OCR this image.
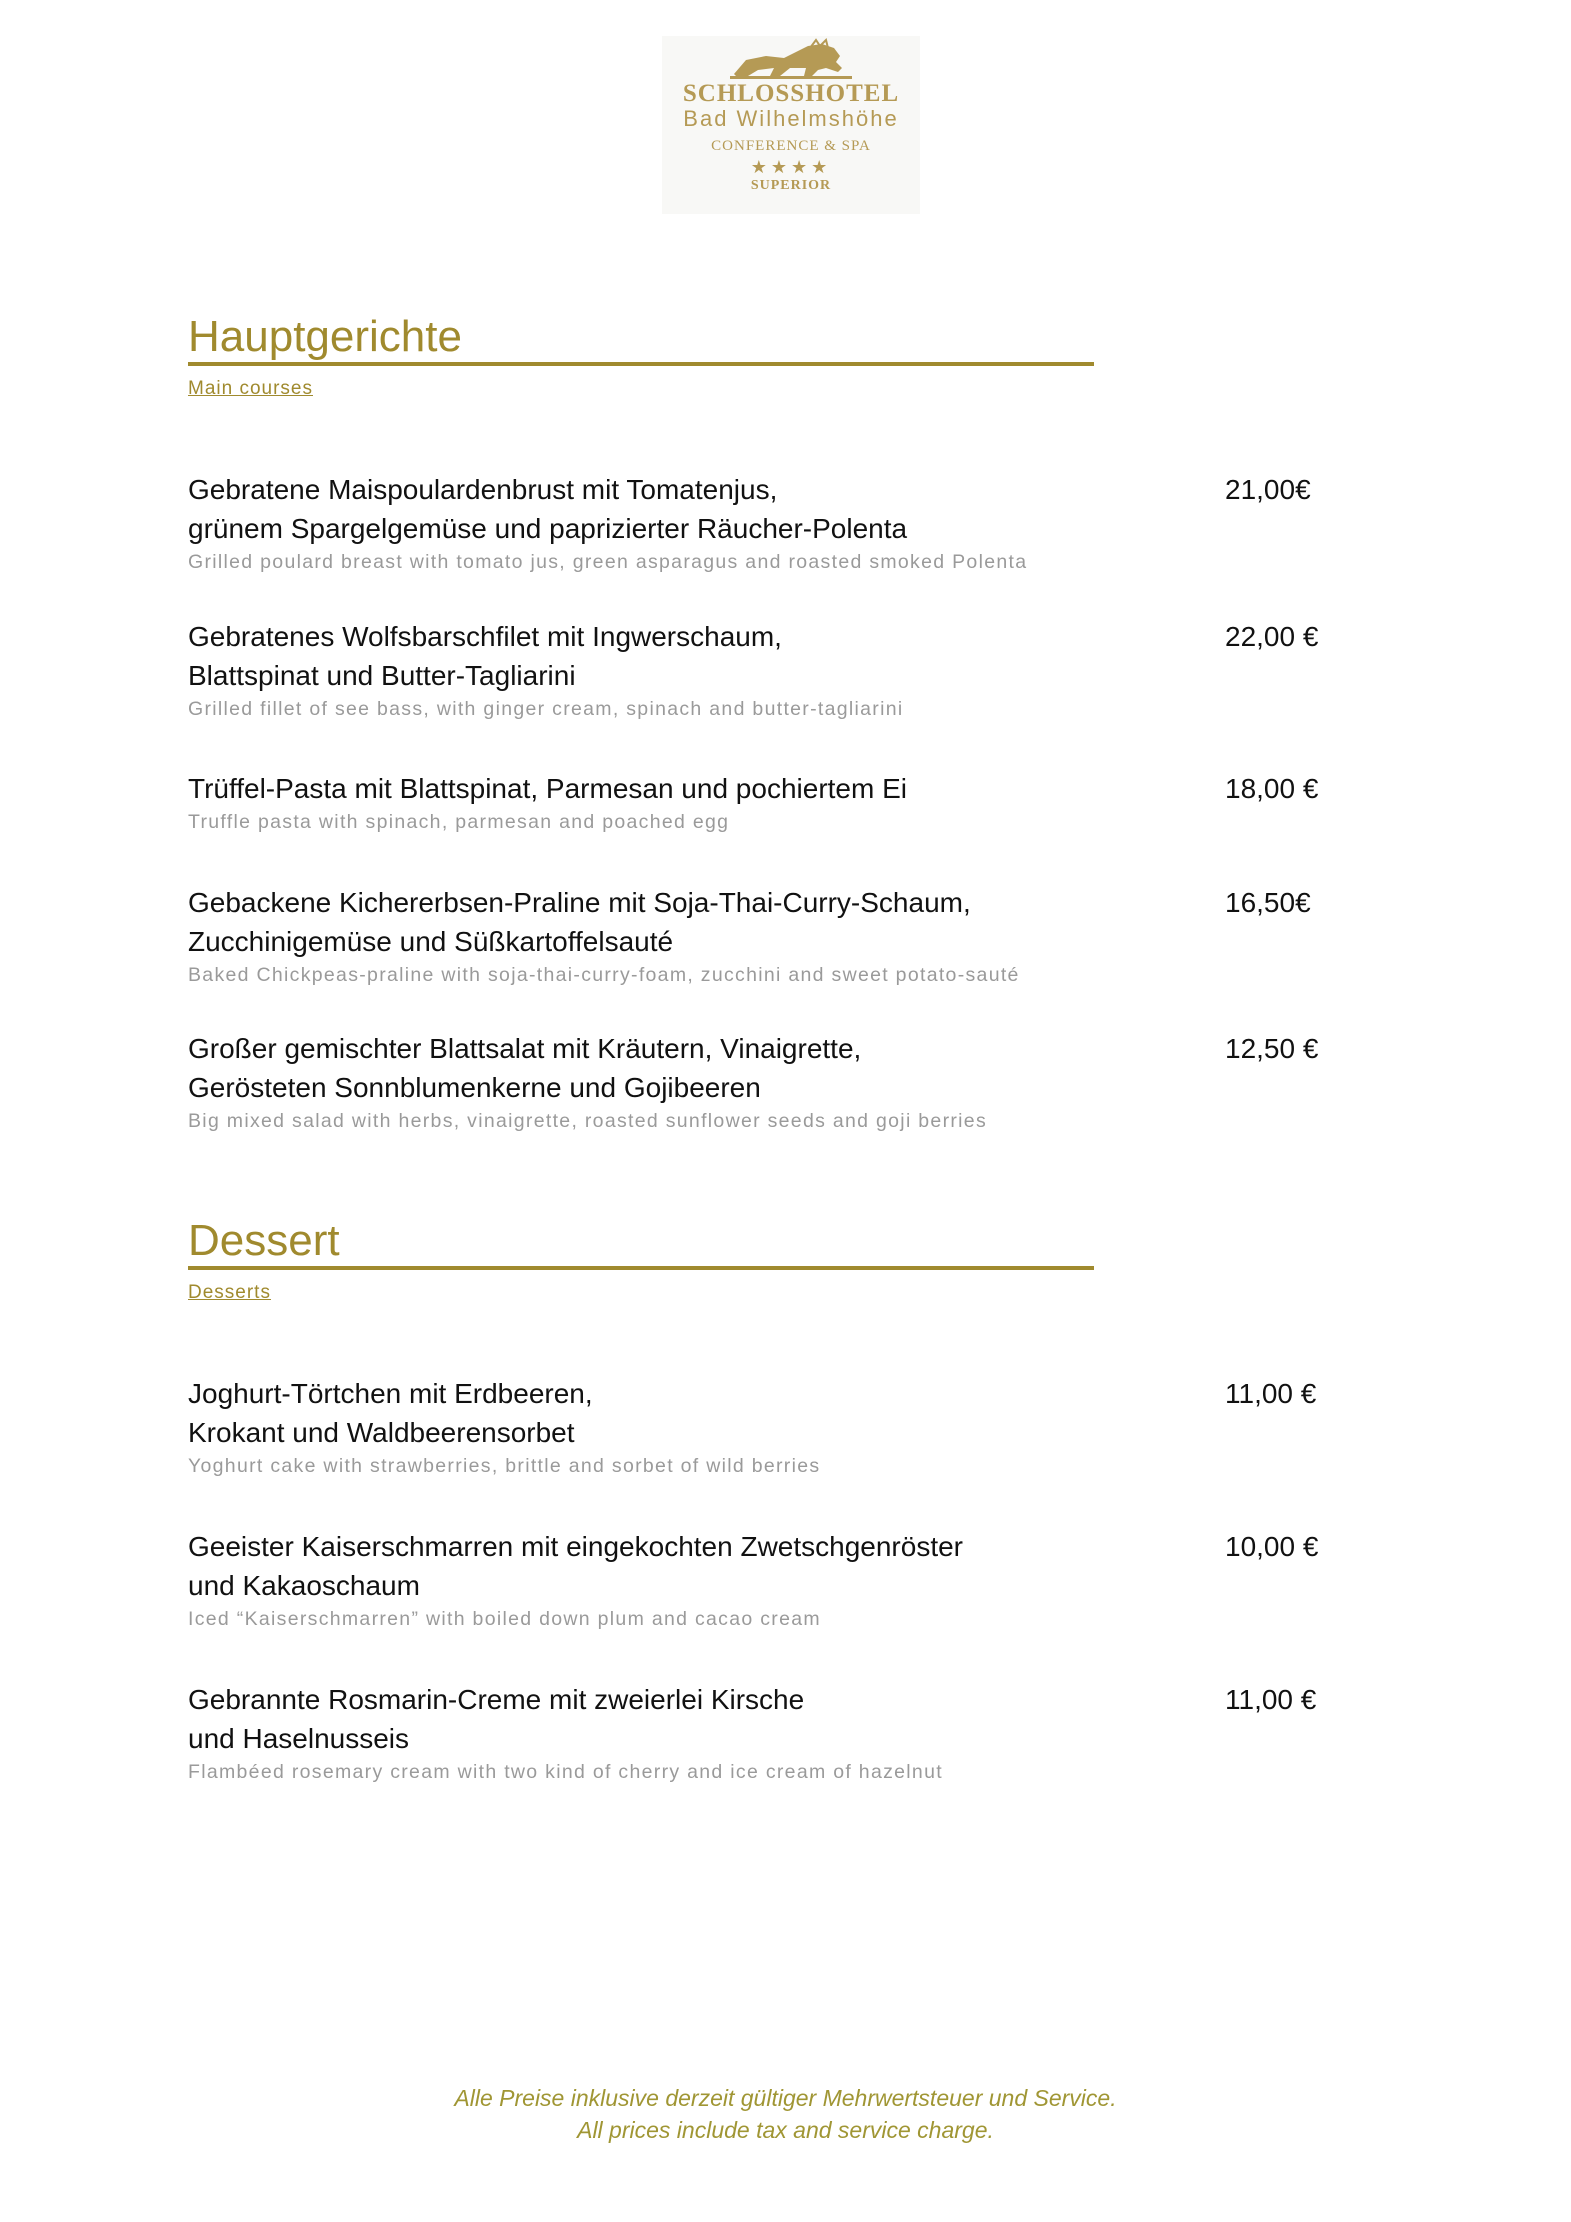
SCHLOSSHOTEL
Bad Wilhelmshöhe
CONFERENCE & SPA
★★★★
SUPERIOR
Hauptgerichte
Main courses
Gebratene Maispoulardenbrust mit Tomatenjus,
grünem Spargelgemüse und paprizierter Räucher-Polenta
Grilled poulard breast with tomato jus, green asparagus and roasted smoked Polenta
21,00€
Gebratenes Wolfsbarschfilet mit Ingwerschaum,
Blattspinat und Butter-Tagliarini
Grilled fillet of see bass, with ginger cream, spinach and butter-tagliarini
22,00 €
Trüffel-Pasta mit Blattspinat, Parmesan und pochiertem Ei
Truffle pasta with spinach, parmesan and poached egg
18,00 €
Gebackene Kichererbsen-Praline mit Soja-Thai-Curry-Schaum,
Zucchinigemüse und Süßkartoffelsauté
Baked Chickpeas-praline with soja-thai-curry-foam, zucchini and sweet potato-sauté
16,50€
Großer gemischter Blattsalat mit Kräutern, Vinaigrette,
Gerösteten Sonnblumenkerne und Gojibeeren
Big mixed salad with herbs, vinaigrette, roasted sunflower seeds and goji berries
12,50 €
Dessert
Desserts
Joghurt-Törtchen mit Erdbeeren,
Krokant und Waldbeerensorbet
Yoghurt cake with strawberries, brittle and sorbet of wild berries
11,00 €
Geeister Kaiserschmarren mit eingekochten Zwetschgenröster
und Kakaoschaum
Iced “Kaiserschmarren” with boiled down plum and cacao cream
10,00 €
Gebrannte Rosmarin-Creme mit zweierlei Kirsche
und Haselnusseis
Flambéed rosemary cream with two kind of cherry and ice cream of hazelnut
11,00 €
Alle Preise inklusive derzeit gültiger Mehrwertsteuer und Service.
All prices include tax and service charge.
